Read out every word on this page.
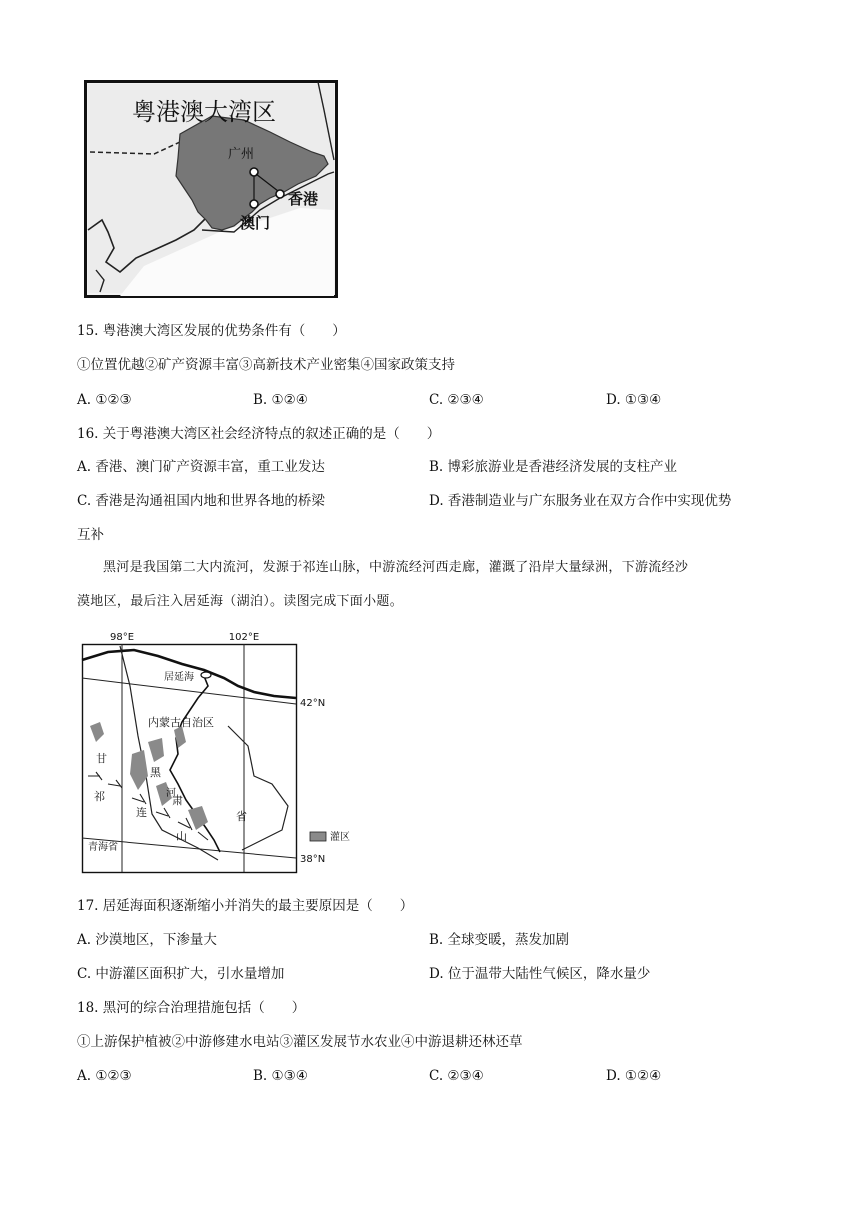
粤港澳大湾区
广州
香港
澳门
15. 粤港澳大湾区发展的优势条件有（　　）
①位置优越②矿产资源丰富③高新技术产业密集④国家政策支持
A. ①②③	B. ①②④	C. ②③④	D. ①③④
16. 关于粤港澳大湾区社会经济特点的叙述正确的是（　　）
A. 香港、澳门矿产资源丰富，重工业发达	B. 博彩旅游业是香港经济发展的支柱产业
C. 香港是沟通祖国内地和世界各地的桥梁	D. 香港制造业与广东服务业在双方合作中实现优势
互补
黑河是我国第二大内流河，发源于祁连山脉，中游流经河西走廊，灌溉了沿岸大量绿洲，下游流经沙
漠地区，最后注入居延海（湖泊）。读图完成下面小题。
98°E	102°E
42°N
38°N
居延海
内蒙古自治区
甘
肃
省
黑
河
祁
连
山
青海省
灌区
17. 居延海面积逐渐缩小并消失的最主要原因是（　　）
A. 沙漠地区，下渗量大	B. 全球变暖，蒸发加剧
C. 中游灌区面积扩大，引水量增加	D. 位于温带大陆性气候区，降水量少
18. 黑河的综合治理措施包括（　　）
①上游保护植被②中游修建水电站③灌区发展节水农业④中游退耕还林还草
A. ①②③	B. ①③④	C. ②③④	D. ①②④
